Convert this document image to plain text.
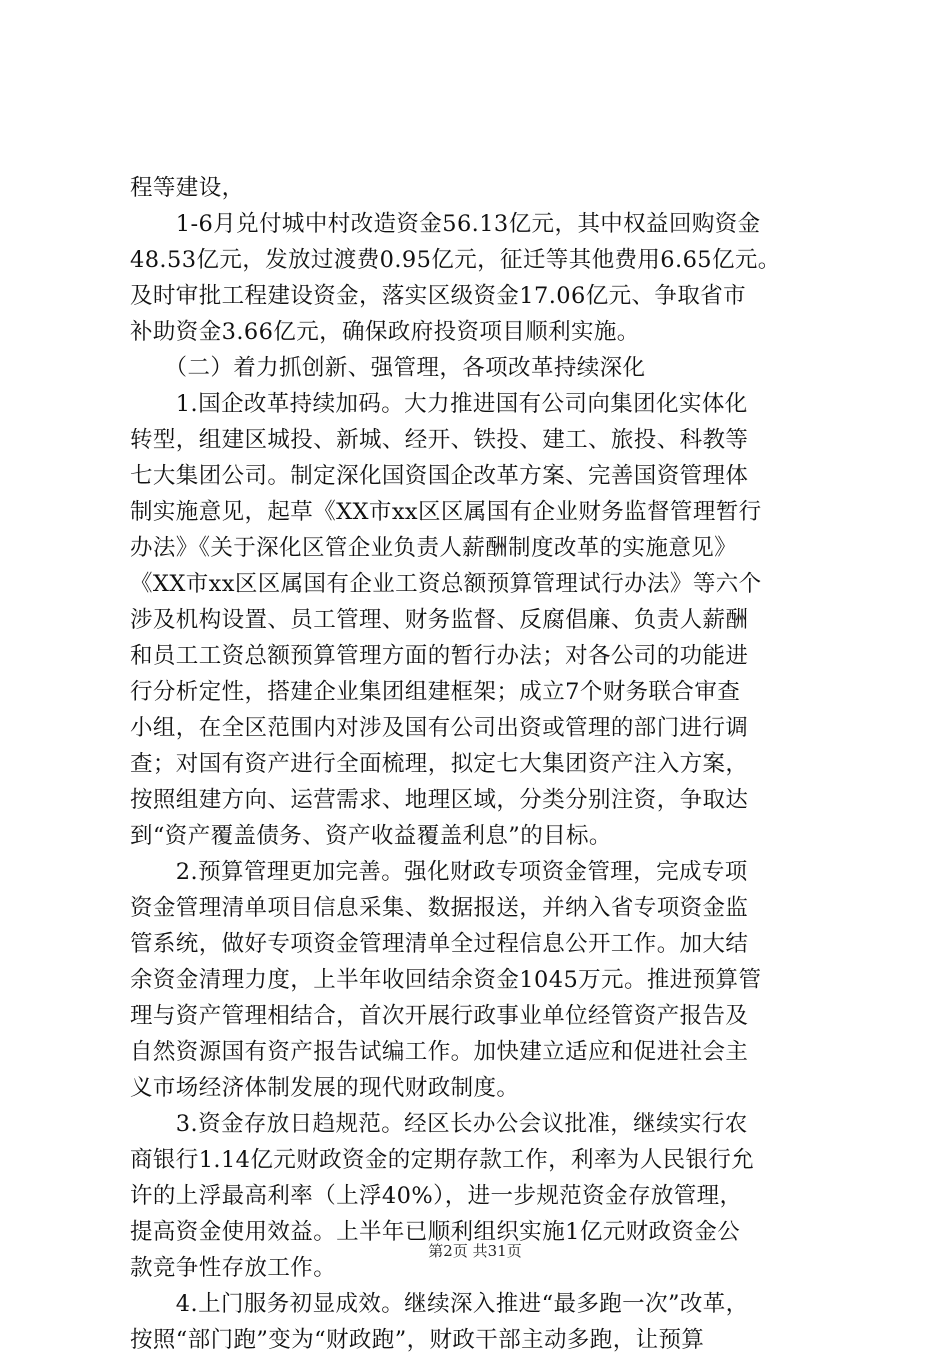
程等建设，
　　1-6月兑付城中村改造资金56.13亿元，其中权益回购资金
48.53亿元，发放过渡费0.95亿元，征迁等其他费用6.65亿元。
及时审批工程建设资金，落实区级资金17.06亿元、争取省市
补助资金3.66亿元，确保政府投资项目顺利实施。
　　（二）着力抓创新、强管理，各项改革持续深化
　　1.国企改革持续加码。大力推进国有公司向集团化实体化
转型，组建区城投、新城、经开、铁投、建工、旅投、科教等
七大集团公司。制定深化国资国企改革方案、完善国资管理体
制实施意见，起草《XX市xx区区属国有企业财务监督管理暂行
办法》《关于深化区管企业负责人薪酬制度改革的实施意见》
《XX市xx区区属国有企业工资总额预算管理试行办法》等六个
涉及机构设置、员工管理、财务监督、反腐倡廉、负责人薪酬
和员工工资总额预算管理方面的暂行办法；对各公司的功能进
行分析定性，搭建企业集团组建框架；成立7个财务联合审查
小组，在全区范围内对涉及国有公司出资或管理的部门进行调
查；对国有资产进行全面梳理，拟定七大集团资产注入方案，
按照组建方向、运营需求、地理区域，分类分别注资，争取达
到“资产覆盖债务、资产收益覆盖利息”的目标。
　　2.预算管理更加完善。强化财政专项资金管理，完成专项
资金管理清单项目信息采集、数据报送，并纳入省专项资金监
管系统，做好专项资金管理清单全过程信息公开工作。加大结
余资金清理力度，上半年收回结余资金1045万元。推进预算管
理与资产管理相结合，首次开展行政事业单位经管资产报告及
自然资源国有资产报告试编工作。加快建立适应和促进社会主
义市场经济体制发展的现代财政制度。
　　3.资金存放日趋规范。经区长办公会议批准，继续实行农
商银行1.14亿元财政资金的定期存款工作，利率为人民银行允
许的上浮最高利率（上浮40%），进一步规范资金存放管理，
提高资金使用效益。上半年已顺利组织实施1亿元财政资金公
款竞争性存放工作。
　　4.上门服务初显成效。继续深入推进“最多跑一次”改革，
按照“部门跑”变为“财政跑”，财政干部主动多跑，让预算
第2页 共31页
